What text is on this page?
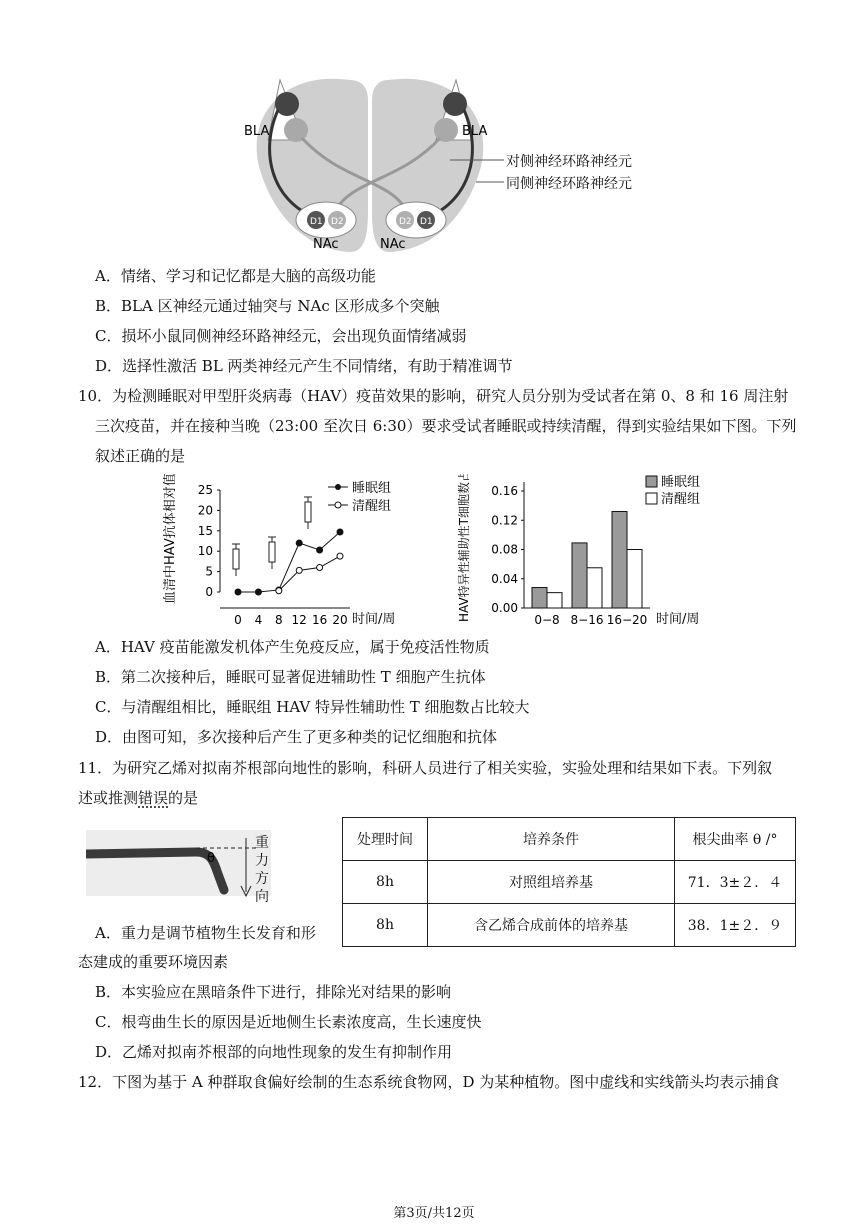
D1 D2	D2 D1
BLA	BLA
NAc	NAc
对侧神经环路神经元
同侧神经环路神经元
A．情绪、学习和记忆都是大脑的高级功能
B．BLA 区神经元通过轴突与 NAc 区形成多个突触
C．损坏小鼠同侧神经环路神经元，会出现负面情绪减弱
D．选择性激活 BL 两类神经元产生不同情绪，有助于精准调节
10．为检测睡眠对甲型肝炎病毒（HAV）疫苗效果的影响，研究人员分别为受试者在第 0、8 和 16 周注射
三次疫苗，并在接种当晚（23:00 至次日 6:30）要求受试者睡眠或持续清醒，得到实验结果如下图。下列
叙述正确的是
血清中HAV抗体相对值 0
5
10
15
20
25
0 4 8 12 16 20 时间/周
睡眠组
清醒组	HAV特异性辅助性T细胞数占比/% 0.00
0.04
0.08
0.12
0.16
0−8 8−16 16−20 时间/周
睡眠组
清醒组
A．HAV 疫苗能激发机体产生免疫反应，属于免疫活性物质
B．第二次接种后，睡眠可显著促进辅助性 T 细胞产生抗体
C．与清醒组相比，睡眠组 HAV 特异性辅助性 T 细胞数占比较大
D．由图可知，多次接种后产生了更多种类的记忆细胞和抗体
11．为研究乙烯对拟南芥根部向地性的影响，科研人员进行了相关实验，实验处理和结果如下表。下列叙
述或推测错误的是
θ
重
力
方
向
处理时间	培养条件	根尖曲率 θ /°
8h	对照组培养基	71．3±２．４
8h	含乙烯合成前体的培养基	38．1±２．９
A．重力是调节植物生长发育和形
态建成的重要环境因素
B．本实验应在黑暗条件下进行，排除光对结果的影响
C．根弯曲生长的原因是近地侧生长素浓度高，生长速度快
D．乙烯对拟南芥根部的向地性现象的发生有抑制作用
12．下图为基于 A 种群取食偏好绘制的生态系统食物网，D 为某种植物。图中虚线和实线箭头均表示捕食
第3页/共12页
